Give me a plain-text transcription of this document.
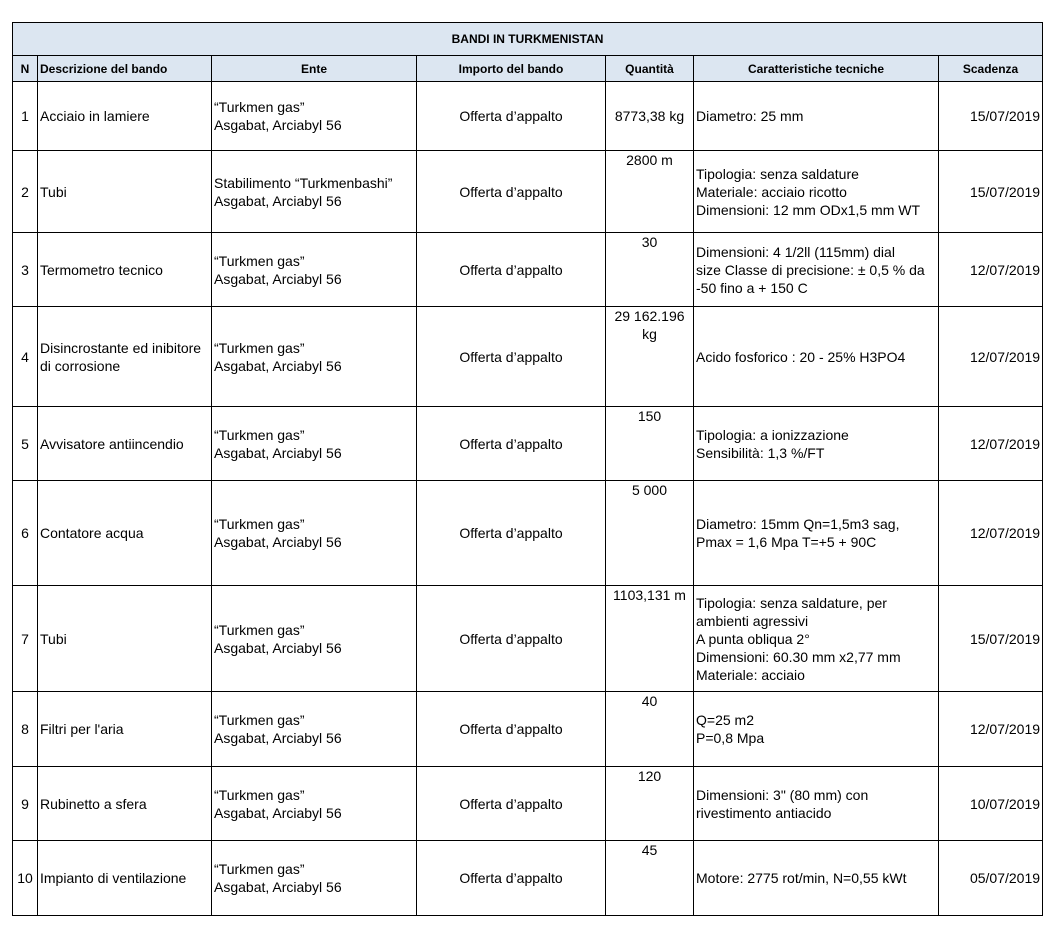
BANDI IN TURKMENISTAN						
N	Descrizione del bando	Ente	Importo del bando	Quantità	Caratteristiche tecniche	Scadenza

1	Acciaio in lamiere	“Turkmen gas”
Asgabat, Arciabyl 56	Offerta d’appalto	8773,38 kg	Diametro: 25 mm	15/07/2019

2	Tubi	Stabilimento “Turkmenbashi”
Asgabat, Arciabyl 56	Offerta d’appalto	2800 m	Tipologia: senza saldature
Materiale: acciaio ricotto
Dimensioni: 12 mm ODx1,5 mm WT	15/07/2019

3	Termometro tecnico	“Turkmen gas”
Asgabat, Arciabyl 56	Offerta d’appalto	30	Dimensioni: 4 1/2ll (115mm) dial
size Classe di precisione: ± 0,5 % da
-50 fino a + 150 C	12/07/2019

4	Disincrostante ed inibitore di corrosione	“Turkmen gas”
Asgabat, Arciabyl 56	Offerta d’appalto	29 162.196 kg	Acido fosforico : 20 - 25% H3PO4	12/07/2019

5	Avvisatore antiincendio	“Turkmen gas”
Asgabat, Arciabyl 56	Offerta d’appalto	150	Tipologia: a ionizzazione
Sensibilità: 1,3 %/FT	12/07/2019

6	Contatore acqua	“Turkmen gas”
Asgabat, Arciabyl 56	Offerta d’appalto	5 000	Diametro: 15mm Qn=1,5m3 sag,
Pmax = 1,6 Mpa T=+5 + 90C	12/07/2019

7	Tubi	“Turkmen gas”
Asgabat, Arciabyl 56	Offerta d’appalto	1103,131 m	Tipologia: senza saldature, per
ambienti agressivi
A punta obliqua 2°
Dimensioni: 60.30 mm x2,77 mm
Materiale: acciaio	15/07/2019

8	Filtri per l'aria	“Turkmen gas”
Asgabat, Arciabyl 56	Offerta d’appalto	40	Q=25 m2
P=0,8 Mpa	12/07/2019

9	Rubinetto a sfera	“Turkmen gas”
Asgabat, Arciabyl 56	Offerta d’appalto	120	Dimensioni: 3" (80 mm) con
rivestimento antiacido	10/07/2019

10	Impianto di ventilazione	“Turkmen gas”
Asgabat, Arciabyl 56	Offerta d’appalto	45	Motore: 2775 rot/min, N=0,55 kWt	05/07/2019
